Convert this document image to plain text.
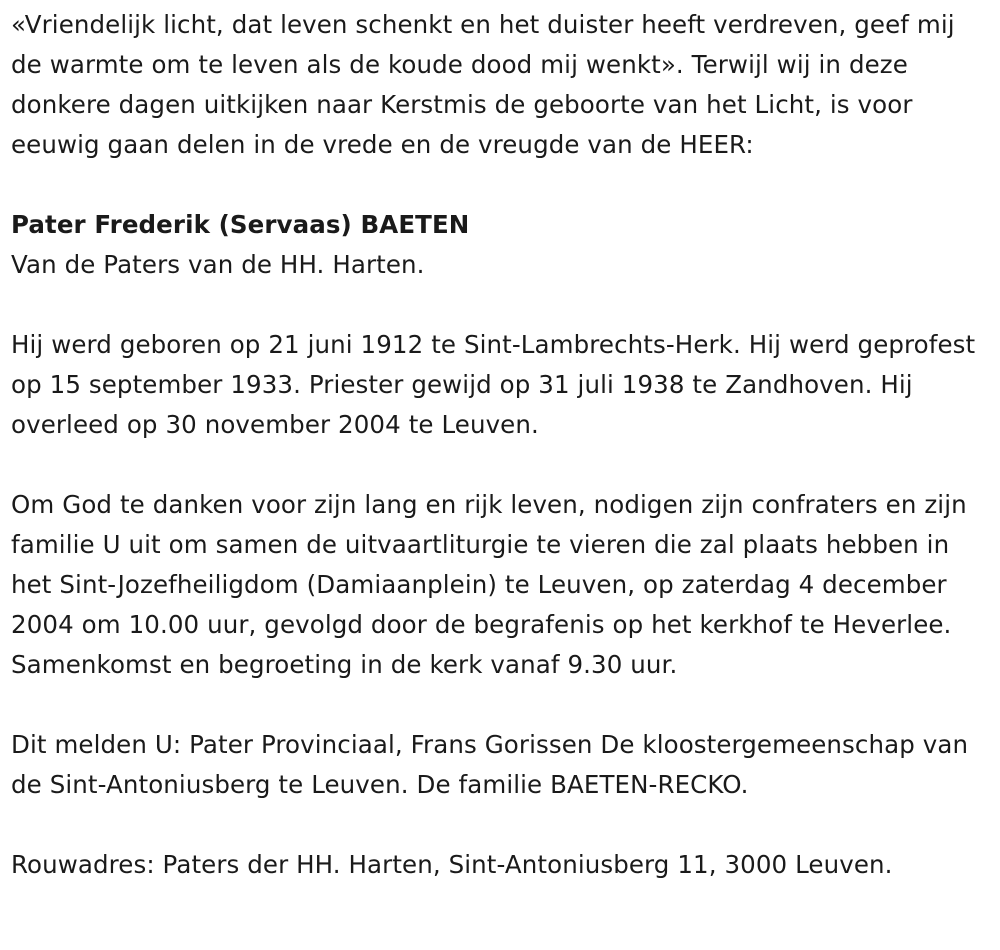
«Vriendelijk licht, dat leven schenkt en het duister heeft verdreven, geef mij de warmte om te leven als de koude dood mij wenkt». Terwijl wij in deze donkere dagen uitkijken naar Kerstmis de geboorte van het Licht, is voor eeuwig gaan delen in de vrede en de vreugde van de HEER:

Pater Frederik (Servaas) BAETEN

Van de Paters van de HH. Harten.

Hij werd geboren op 21 juni 1912 te Sint-Lambrechts-Herk. Hij werd geprofest op 15 september 1933. Priester gewijd op 31 juli 1938 te Zandhoven. Hij overleed op 30 november 2004 te Leuven.

Om God te danken voor zijn lang en rijk leven, nodigen zijn confraters en zijn familie U uit om samen de uitvaartliturgie te vieren die zal plaats hebben in het Sint-Jozefheiligdom (Damiaanplein) te Leuven, op zaterdag 4 december 2004 om 10.00 uur, gevolgd door de begrafenis op het kerkhof te Heverlee. Samenkomst en begroeting in de kerk vanaf 9.30 uur.

Dit melden U: Pater Provinciaal, Frans Gorissen De kloostergemeenschap van de Sint-Antoniusberg te Leuven. De familie BAETEN-RECKO.

Rouwadres: Paters der HH. Harten, Sint-Antoniusberg 11, 3000 Leuven.
